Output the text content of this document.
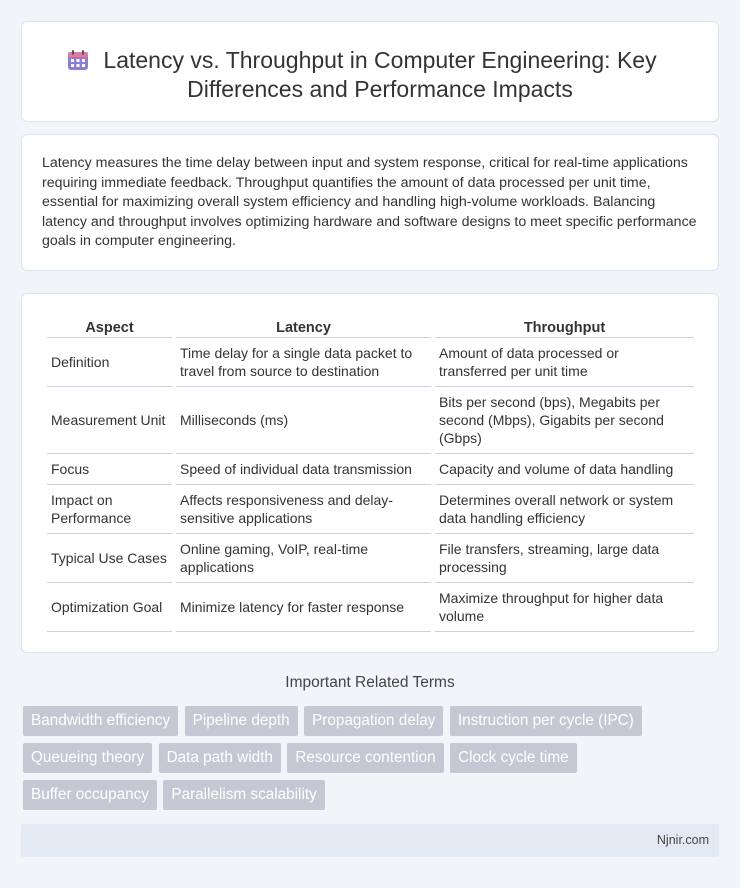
Latency vs. Throughput in Computer Engineering: Key Differences and Performance Impacts

Latency measures the time delay between input and system response, critical for real-time applications requiring immediate feedback. Throughput quantifies the amount of data processed per unit time, essential for maximizing overall system efficiency and handling high-volume workloads. Balancing latency and throughput involves optimizing hardware and software designs to meet specific performance goals in computer engineering.

Aspect	Latency	Throughput
Definition	Time delay for a single data packet to travel from source to destination	Amount of data processed or transferred per unit time
Measurement Unit	Milliseconds (ms)	Bits per second (bps), Megabits per second (Mbps), Gigabits per second (Gbps)
Focus	Speed of individual data transmission	Capacity and volume of data handling
Impact on Performance	Affects responsiveness and delay-sensitive applications	Determines overall network or system data handling efficiency
Typical Use Cases	Online gaming, VoIP, real-time applications	File transfers, streaming, large data processing
Optimization Goal	Minimize latency for faster response	Maximize throughput for higher data volume
Important Related Terms
Bandwidth efficiency Pipeline depth Propagation delay Instruction per cycle (IPC) Queueing theory Data path width Resource contention Clock cycle time Buffer occupancy Parallelism scalability
Njnir.com
